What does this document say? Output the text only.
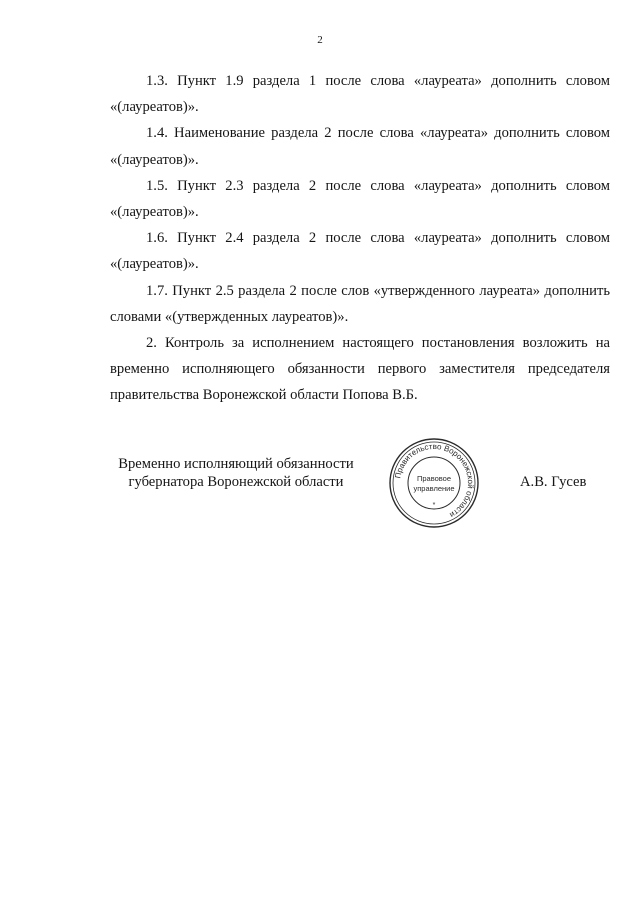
2

1.3. Пункт 1.9 раздела 1 после слова «лауреата» дополнить словом «(лауреатов)».

1.4. Наименование раздела 2 после слова «лауреата» дополнить словом «(лауреатов)».

1.5. Пункт 2.3 раздела 2 после слова «лауреата» дополнить словом «(лауреатов)».

1.6. Пункт 2.4 раздела 2 после слова «лауреата» дополнить словом «(лауреатов)».

1.7. Пункт 2.5 раздела 2 после слов «утвержденного лауреата» дополнить словами «(утвержденных лауреатов)».

2. Контроль за исполнением настоящего постановления возложить на временно исполняющего обязанности первого заместителя председателя правительства Воронежской области Попова В.Б.

Временно исполняющий обязанности
губернатора Воронежской области	Правительство Воронежской области
Правовое
управление
*
А.В. Гусев
